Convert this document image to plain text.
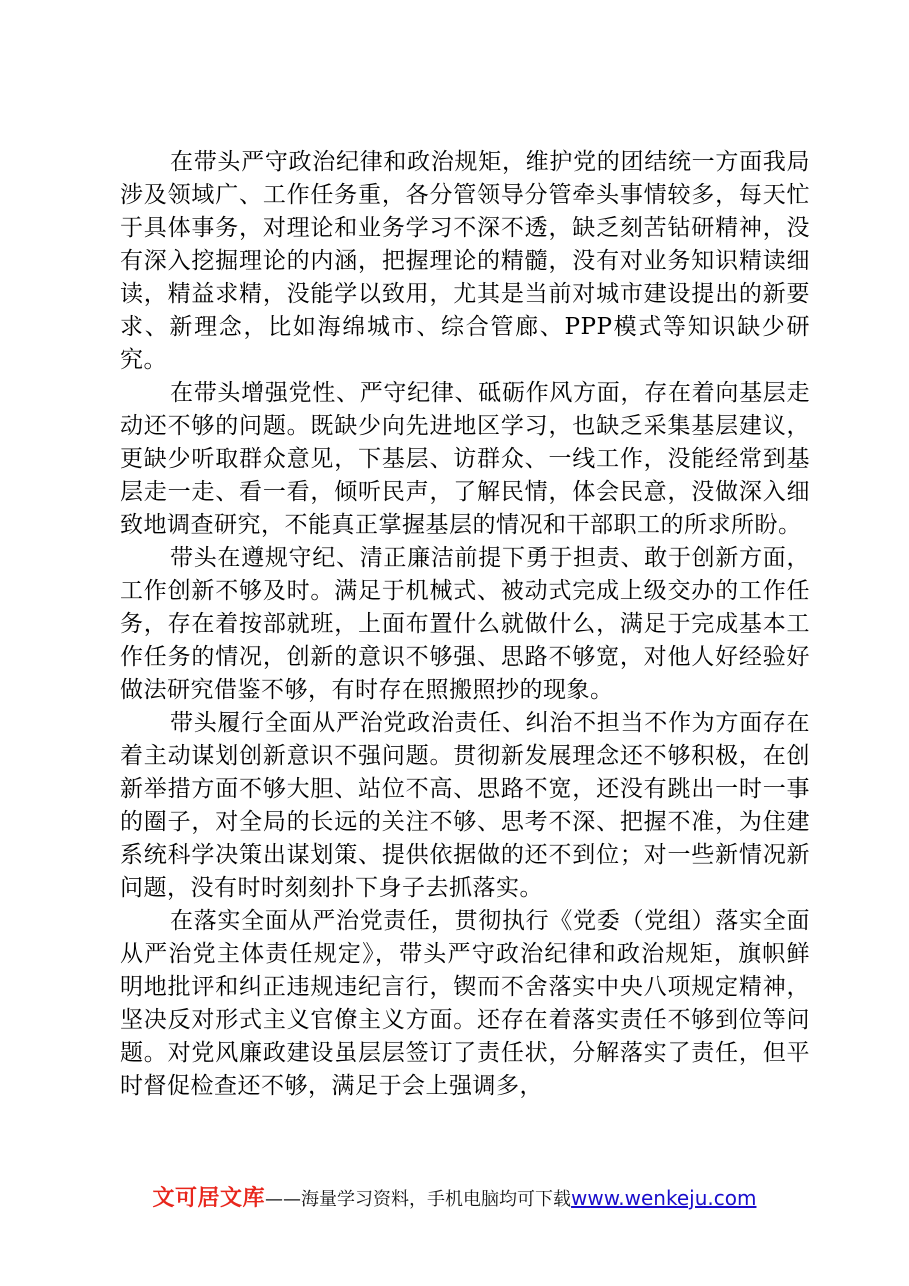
在带头严守政治纪律和政治规矩，维护党的团结统一方面我局涉及领域广、工作任务重，各分管领导分管牵头事情较多，每天忙于具体事务，对理论和业务学习不深不透，缺乏刻苦钻研精神，没有深入挖掘理论的内涵，把握理论的精髓，没有对业务知识精读细读，精益求精，没能学以致用，尤其是当前对城市建设提出的新要求、新理念，比如海绵城市、综合管廊、PPP模式等知识缺少研究。

在带头增强党性、严守纪律、砥砺作风方面，存在着向基层走动还不够的问题。既缺少向先进地区学习，也缺乏采集基层建议，更缺少听取群众意见，下基层、访群众、一线工作，没能经常到基层走一走、看一看，倾听民声，了解民情，体会民意，没做深入细致地调查研究，不能真正掌握基层的情况和干部职工的所求所盼。

带头在遵规守纪、清正廉洁前提下勇于担责、敢于创新方面，工作创新不够及时。满足于机械式、被动式完成上级交办的工作任务，存在着按部就班，上面布置什么就做什么，满足于完成基本工作任务的情况，创新的意识不够强、思路不够宽，对他人好经验好做法研究借鉴不够，有时存在照搬照抄的现象。

带头履行全面从严治党政治责任、纠治不担当不作为方面存在着主动谋划创新意识不强问题。贯彻新发展理念还不够积极，在创新举措方面不够大胆、站位不高、思路不宽，还没有跳出一时一事的圈子，对全局的长远的关注不够、思考不深、把握不准，为住建系统科学决策出谋划策、提供依据做的还不到位；对一些新情况新问题，没有时时刻刻扑下身子去抓落实。

在落实全面从严治党责任，贯彻执行《党委（党组）落实全面从严治党主体责任规定》，带头严守政治纪律和政治规矩，旗帜鲜明地批评和纠正违规违纪言行，锲而不舍落实中央八项规定精神，坚决反对形式主义官僚主义方面。还存在着落实责任不够到位等问题。对党风廉政建设虽层层签订了责任状，分解落实了责任，但平时督促检查还不够，满足于会上强调多，

文可居文库——海量学习资料，手机电脑均可下载www.wenkeju.com
